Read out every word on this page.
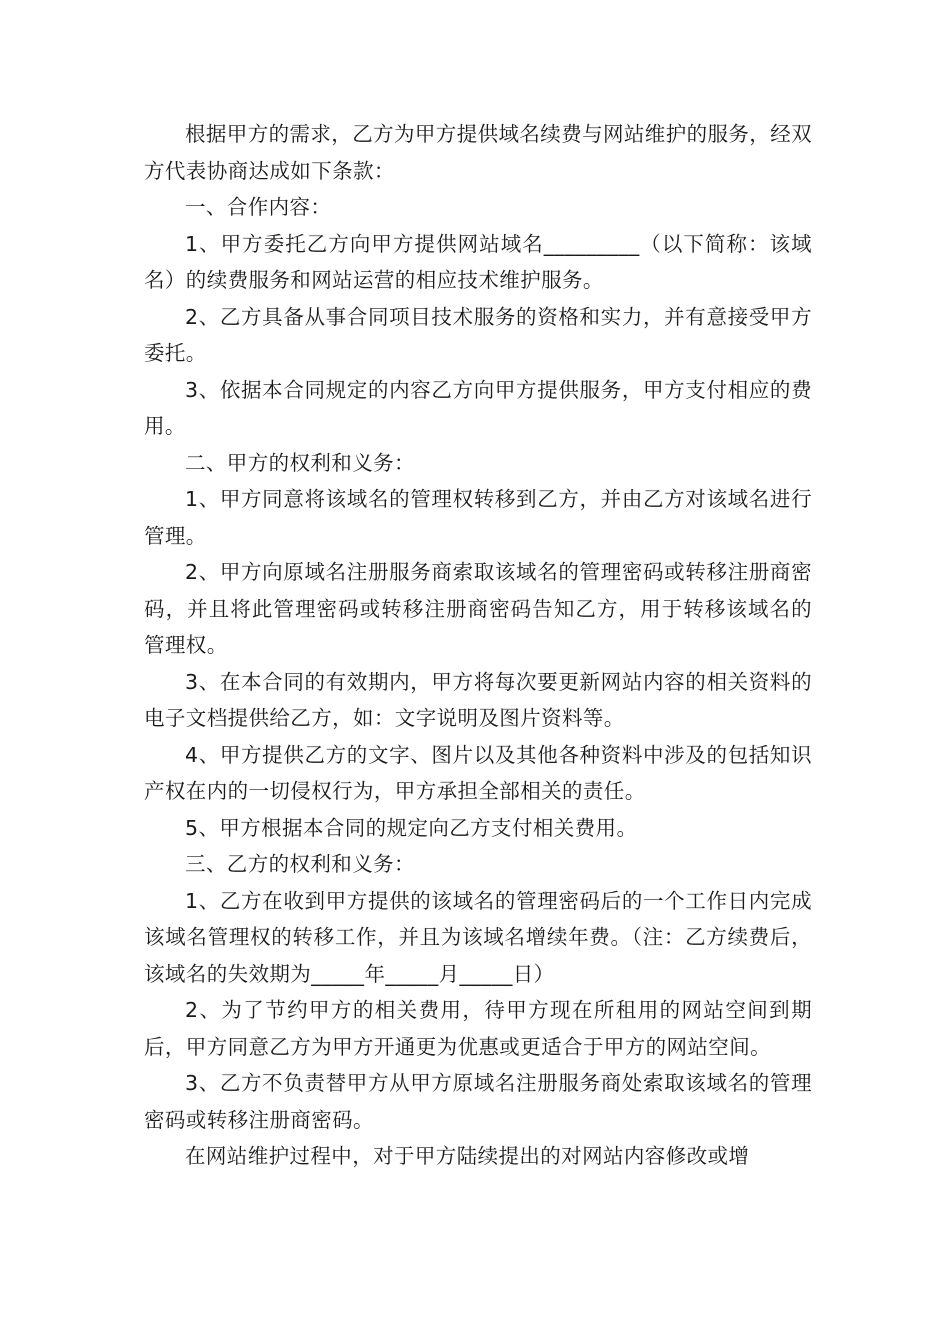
根据甲方的需求，乙方为甲方提供域名续费与网站维护的服务，经双方代表协商达成如下条款：

一、合作内容：

1、甲方委托乙方向甲方提供网站域名_________（以下简称：该域名）的续费服务和网站运营的相应技术维护服务。

2、乙方具备从事合同项目技术服务的资格和实力，并有意接受甲方委托。

3、依据本合同规定的内容乙方向甲方提供服务，甲方支付相应的费用。

二、甲方的权利和义务：

1、甲方同意将该域名的管理权转移到乙方，并由乙方对该域名进行管理。

2、甲方向原域名注册服务商索取该域名的管理密码或转移注册商密码，并且将此管理密码或转移注册商密码告知乙方，用于转移该域名的管理权。

3、在本合同的有效期内，甲方将每次要更新网站内容的相关资料的电子文档提供给乙方，如：文字说明及图片资料等。

4、甲方提供乙方的文字、图片以及其他各种资料中涉及的包括知识产权在内的一切侵权行为，甲方承担全部相关的责任。

5、甲方根据本合同的规定向乙方支付相关费用。

三、乙方的权利和义务：

1、乙方在收到甲方提供的该域名的管理密码后的一个工作日内完成该域名管理权的转移工作，并且为该域名增续年费。（注：乙方续费后，该域名的失效期为_____年_____月_____日）

2、为了节约甲方的相关费用，待甲方现在所租用的网站空间到期后，甲方同意乙方为甲方开通更为优惠或更适合于甲方的网站空间。

3、乙方不负责替甲方从甲方原域名注册服务商处索取该域名的管理密码或转移注册商密码。

在网站维护过程中，对于甲方陆续提出的对网站内容修改或增
